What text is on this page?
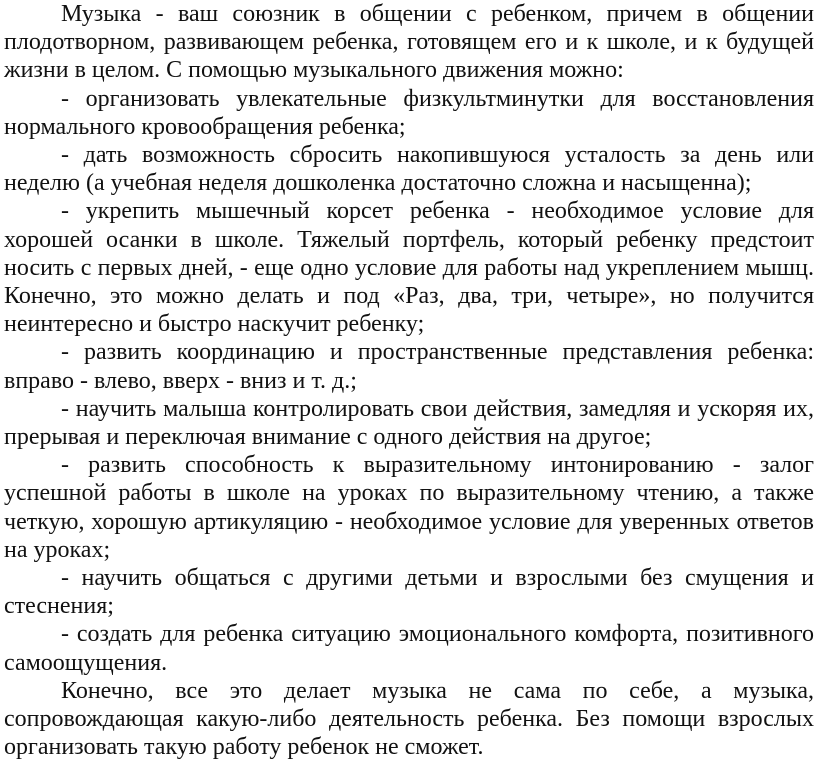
Музыка - ваш союзник в общении с ребенком, причем в общении плодотворном, развивающем ребенка, готовящем его и к школе, и к будущей жизни в целом. С помощью музыкального движения можно:

- организовать увлекательные физкультминутки для восстановления нормального кровообращения ребенка;

- дать возможность сбросить накопившуюся усталость за день или неделю (а учебная неделя дошколенка достаточно сложна и насыщенна);

- укрепить мышечный корсет ребенка - необходимое условие для хорошей осанки в школе. Тяжелый портфель, который ребенку предстоит носить с первых дней, - еще одно условие для работы над укреплением мышц. Конечно, это можно делать и под «Раз, два, три, четыре», но получится неинтересно и быстро наскучит ребенку;

- развить координацию и пространственные представления ребенка: вправо - влево, вверх - вниз и т. д.;

- научить малыша контролировать свои действия, замедляя и ускоряя их, прерывая и переключая внимание с одного действия на другое;

- развить способность к выразительному интонированию - залог успешной работы в школе на уроках по выразительному чтению, а также четкую, хорошую артикуляцию - необходимое условие для уверенных ответов на уроках;

- научить общаться с другими детьми и взрослыми без смущения и стеснения;

- создать для ребенка ситуацию эмоционального комфорта, позитивного самоощущения.

Конечно, все это делает музыка не сама по себе, а музыка, сопровождающая какую-либо деятельность ребенка. Без помощи взрослых организовать такую работу ребенок не сможет.
